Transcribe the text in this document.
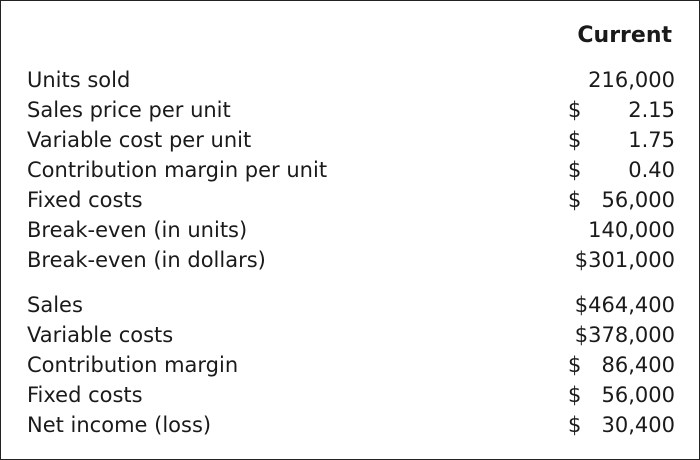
Current
Units sold	216,000
Sales price per unit	$ 2.15
Variable cost per unit	$ 1.75
Contribution margin per unit	$ 0.40
Fixed costs	$ 56,000
Break-even (in units)	140,000
Break-even (in dollars)	$301,000
Sales	$464,400
Variable costs	$378,000
Contribution margin	$ 86,400
Fixed costs	$ 56,000
Net income (loss)	$ 30,400
